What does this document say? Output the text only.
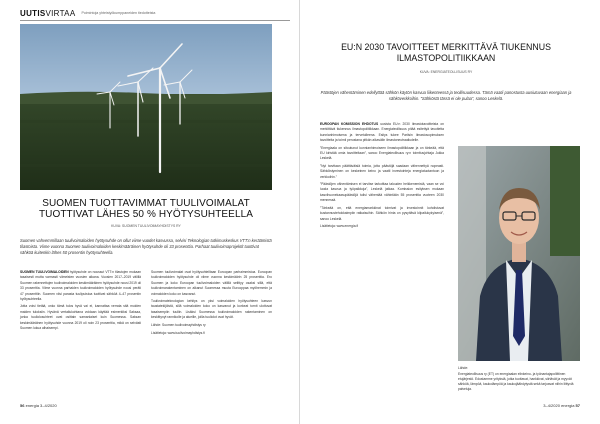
UUTISVIRTAA Poimintoja yhteistyökumppaneiden tiedotteista
SUOMEN TUOTTAVIMMAT TUULIVOIMALAT TUOTTIVAT LÄHES 50 % HYÖTYSUHTEELLA
KUVA: SUOMEN TUULIVOIMAYHDISTYS RY
Suomen vahvemmillaan tuulivoimaloiden hyötysuhde on ollut viime vuodet kasvussa, selvisi Teknologian tutkimuskeskus VTT:n keräämistä tilastoista. Viime vuonna Suomen tuulivoimaloiden keskimääräinen hyötysuhde oli 33 prosenttia. Parhaat tuulivoimaprojektit tuottivat sähköä kuitenkin lähes 50 prosentin hyötysuhteella.

SUOMEN TUULIVOIMALOIDEN hyötysuhde on noussut VTT:n tilastojen mukaan tasaisesti mutta varmasti viimeisten vuosien aikana. Vuosien 2017–2019 välillä Suomen rakennettujen tuulivoimaloiden keskimääräinen hyötysuhde nousi 2019 oli 33 prosenttia. Viime vuonna parhaiden tuulivoimaloiden hyötysuhde nousi peräti 47 prosenttiin. Suomen viisi parasta tuulipuistoa tuottivat sähköä 4–47 prosentin hyötysuhteella.

Jotta voisi tietää, onko tämä tulos hyvä vai ei, kannattaa verrata sitä muiden maiden tuloksiin. Hyvänä vertailukohtana voidaan käyttää esimerkiksi Saksaa, jonka tuuliolosuhteet ovat osittain samanlaiset kuin Suomessa. Saksan keskimääräinen hyötysuhde vuonna 2019 oli noin 23 prosenttia, mikä on selvästi Suomen lukua alhaisempi.

Suomen tuulivoimalat ovat hyötysuhteiltaan Euroopan parhaimmistoa. Euroopan tuulivoimaloiden hyötysuhde oli viime vuonna keskimäärin 25 prosenttia. Ero Suomen ja koko Euroopan tuulivoimaloiden välillä selittyy osaksi sillä, että tuulivoimarakentaminen on alkanut Suomessa muuta Eurooppaa myöhemmin ja voimaloiden koko on kasvanut.

Tuulivoimateknologian kehitys on yksi voimaloiden hyötysuhteen kasvun taustatekijöistä, sillä voimaloiden koko on kasvanut ja korkeat tornit ulottuvat tasaisempiin tuuliin. Lisäksi Suomessa tuulivoimaloiden rakentaminen on keskittynyt rannikolle ja alueille, joilla tuuliolot ovat hyvät.

Lähde: Suomen tuulivoimayhdistys ry

Lisätietoja: www.tuulivoimayhdistys.fi

56 energia 3–4/2020
EU:N 2030 TAVOITTEET MERKITTÄVÄ TIUKENNUS ILMASTOPOLITIIKKAAN
KUVA: ENERGIATEOLLISUUS RY
Päästöjen vähentäminen edellyttää sähkön käytön kasvua liikenteessä ja teollisuudessa. Tämä vaatii panostusta uusiutuvaan energiaan ja sähköverkkoihin. ”Sähköstä tässä ei ole pulaa”, sanoo Leskelä.

EUROOPAN KOMISSION EHDOTUS uusista EU:n 2030 ilmastotavoitteista on merkittävä tiukennus ilmastopolitiikkaan. Energiateollisuus pitää esitettyä tavoitetta kunnianhimoisena ja tervetulleena. Esitys tukee Pariisin ilmastosopimuksen tavoitteita ja toimii perustana pitkän aikavälin ilmastoneutraaliudelle.

”Energiaala on sitoutunut kunnianhimoiseen ilmastopolitiikkaan ja on tärkeää, että EU kiristää omia tavoitteitaan”, sanoo Energiateollisuus ry:n toimitusjohtaja Jukka Leskelä.

”Nyt tarvitaan päättäväisiä toimia, jotta päästöjä saadaan vähennettyä nopeasti. Sähköistyminen on keskeinen keino ja vaatii investointeja energiatuotantoon ja verkkoihin.”

”Päästöjen vähentämisen ei tarvitse tarkoittaa talouden heikkenemistä, vaan se voi luoda kasvua ja työpaikkoja”, Leskelä jatkaa. Komission esityksen mukaan kasvihuonekaasupäästöjä tulisi vähentää vähintään 55 prosenttia vuoteen 2030 mennessä.

”Tärkeää on, että energiamarkkinat toimivat ja investoinnit kohdistuvat kustannustehokkaimpiin ratkaisuihin. Sähkön hinta on pysyttävä kilpailukykyisenä”, sanoo Leskelä.

Lisätietoja: www.energia.fi

Lähde:
Energiateollisuus ry (ET) on energiaalan elinkeino- ja työnantajapoliittinen etujärjestö. Edustamme yrityksiä, jotka tuottavat, hankkivat, siirtävät ja myyvät sähköä, lämpöä, kaukolämpöä ja kaukojäähdytystä sekä tarjoavat niihin liittyviä palveluja.
3–4/2020 energia 57
